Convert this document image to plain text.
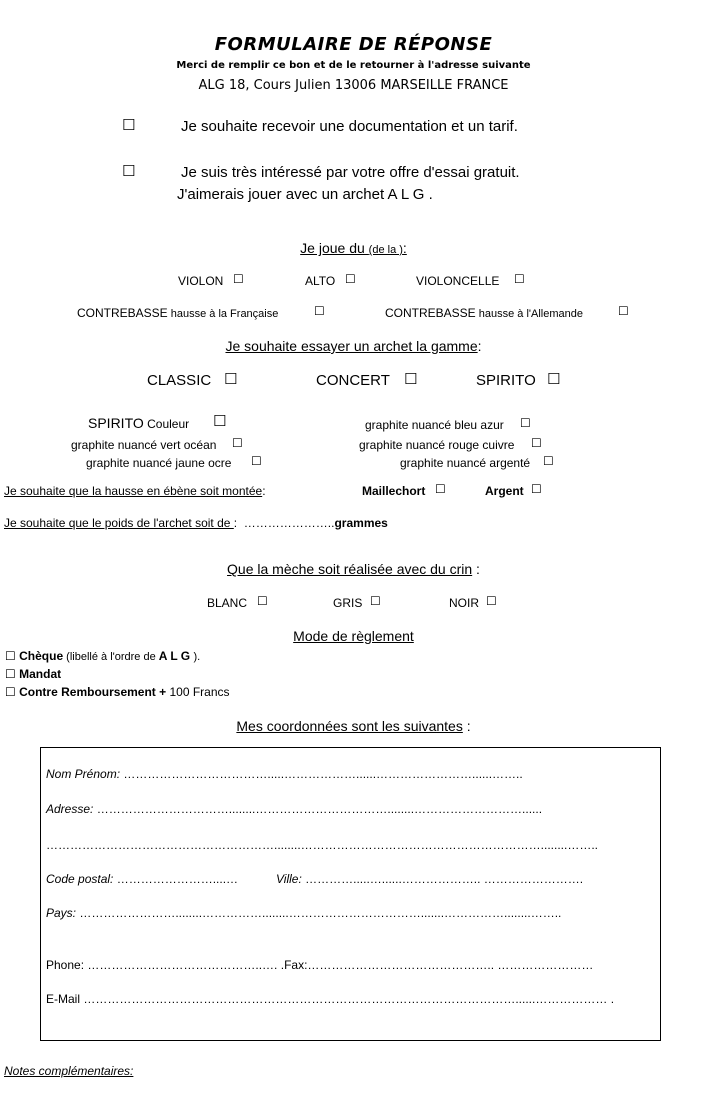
FORMULAIRE DE RÉPONSE
Merci de remplir ce bon et de le retourner à l'adresse suivante
ALG 18, Cours Julien 13006 MARSEILLE FRANCE
☐	Je souhaite recevoir une documentation et un tarif.
☐	Je suis très intéressé par votre offre d'essai gratuit.
J'aimerais jouer avec un archet A L G .
Je joue du (de la ):
VIOLON ☐	ALTO ☐	VIOLONCELLE ☐
CONTREBASSE hausse à la Française	☐	CONTREBASSE hausse à l'Allemande	☐
Je souhaite essayer un archet la gamme:
CLASSIC ☐	CONCERT ☐	SPIRITO ☐
SPIRITO Couleur ☐	graphite nuancé bleu azur ☐
graphite nuancé vert océan ☐	graphite nuancé rouge cuivre ☐
graphite nuancé jaune ocre ☐	graphite nuancé argenté ☐
Je souhaite que la hausse en ébène soit montée:	Maillechort ☐	Argent ☐
Je souhaite que le poids de l'archet soit de : …………………..grammes
Que la mèche soit réalisée avec du crin :
BLANC ☐	GRIS ☐	NOIR ☐
Mode de règlement
☐ Chèque (libellé à l'ordre de A L G ).
☐ Mandat
☐ Contre Remboursement + 100 Francs
Mes coordonnées sont les suivantes :
Nom Prénom: ……………………………….....………………......……………………......……..
Adresse: ……………………………........……………………………........………………………......
…………………………………………………........……………………………………………………........……..
Code postal: ……………………....…	Ville: ………….....…......……………….. …………………….
Pays: ……………………........……………........…………………………….......……………........……..
Phone: ……………………………………..…. .Fax:……………………………………….. ……………………
E-Mail ………………………………………………………………………………………………......……………… .
Notes complémentaires:
